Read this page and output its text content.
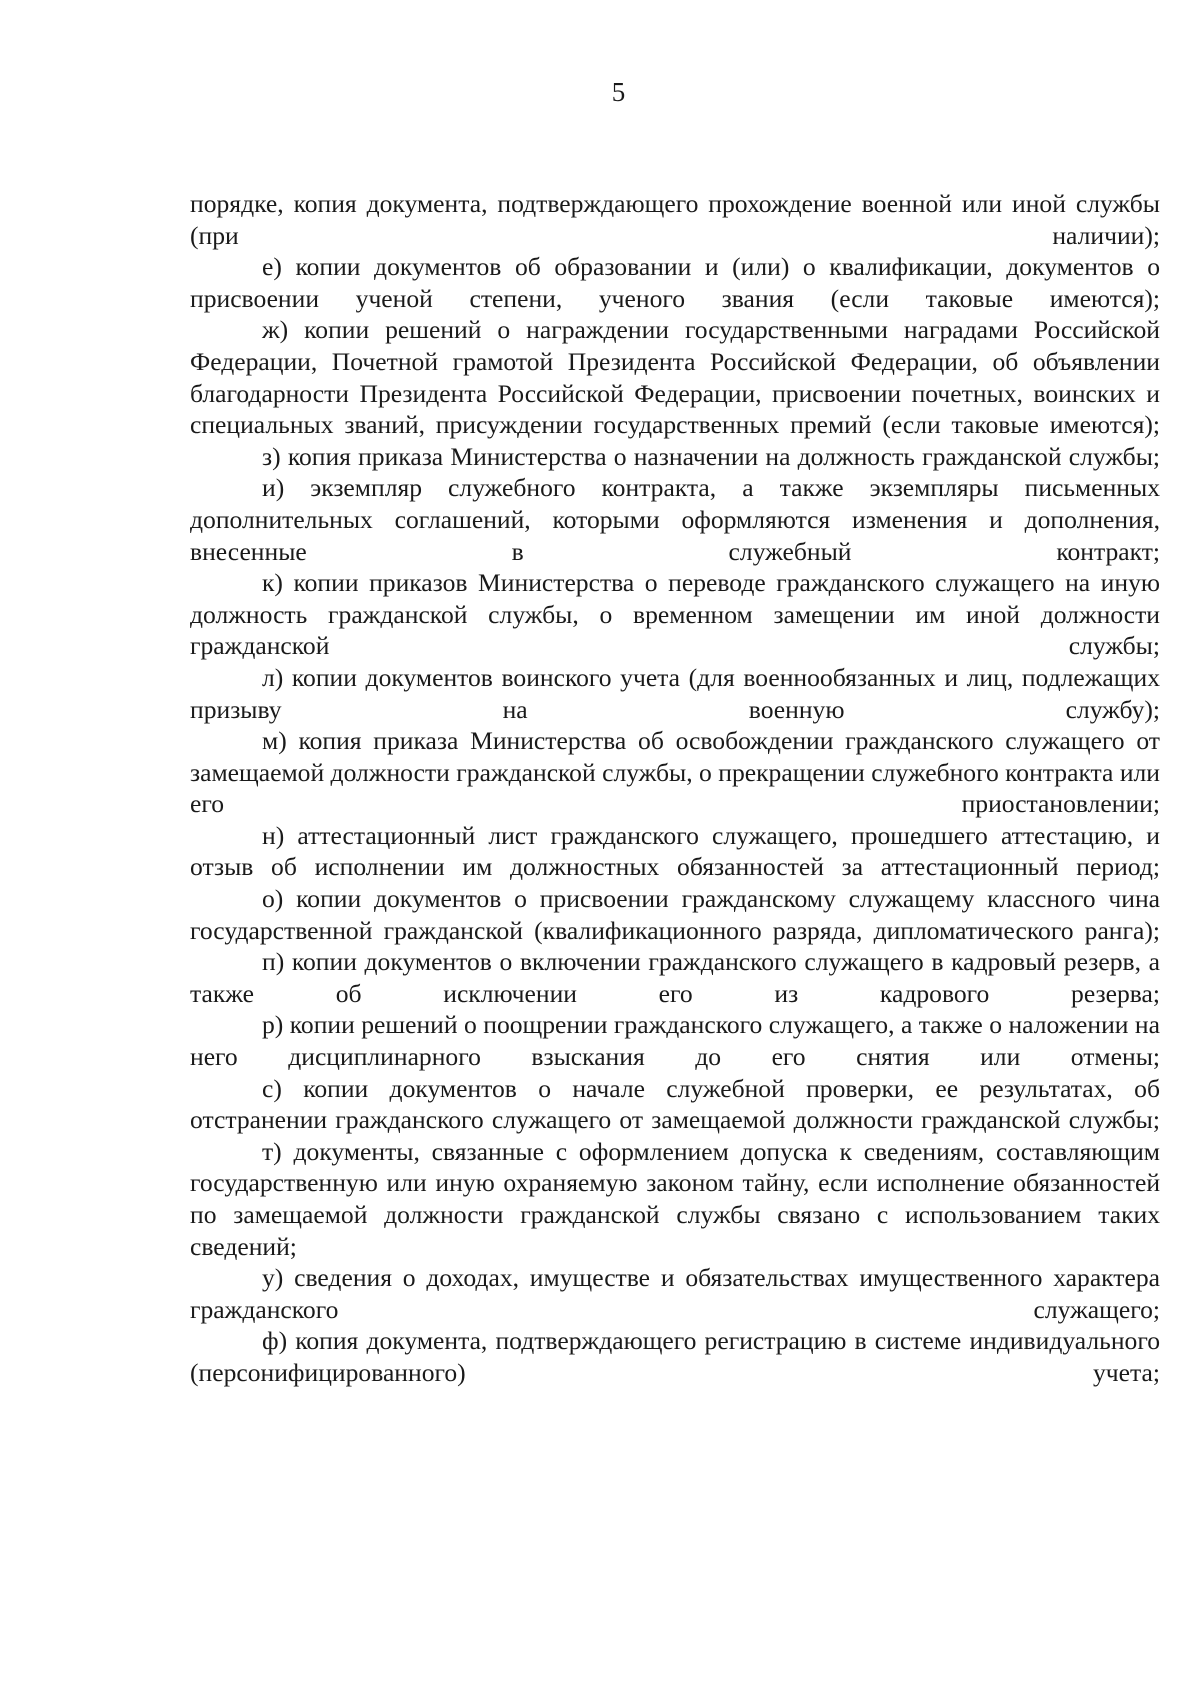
5

порядке, копия документа, подтверждающего прохождение военной или иной службы (при наличии);

е) копии документов об образовании и (или) о квалификации, документов о присвоении ученой степени, ученого звания (если таковые имеются);

ж) копии решений о награждении государственными наградами Российской Федерации, Почетной грамотой Президента Российской Федерации, об объявлении благодарности Президента Российской Федерации, присвоении почетных, воинских и специальных званий, присуждении государственных премий (если таковые имеются);

з) копия приказа Министерства о назначении на должность гражданской службы;

и) экземпляр служебного контракта, а также экземпляры письменных дополнительных соглашений, которыми оформляются изменения и дополнения, внесенные в служебный контракт;

к) копии приказов Министерства о переводе гражданского служащего на иную должность гражданской службы, о временном замещении им иной должности гражданской службы;

л) копии документов воинского учета (для военнообязанных и лиц, подлежащих призыву на военную службу);

м) копия приказа Министерства об освобождении гражданского служащего от замещаемой должности гражданской службы, о прекращении служебного контракта или его приостановлении;

н) аттестационный лист гражданского служащего, прошедшего аттестацию, и отзыв об исполнении им должностных обязанностей за аттестационный период;

о) копии документов о присвоении гражданскому служащему классного чина государственной гражданской (квалификационного разряда, дипломатического ранга);

п) копии документов о включении гражданского служащего в кадровый резерв, а также об исключении его из кадрового резерва;

р) копии решений о поощрении гражданского служащего, а также о наложении на него дисциплинарного взыскания до его снятия или отмены;

с) копии документов о начале служебной проверки, ее результатах, об отстранении гражданского служащего от замещаемой должности гражданской службы;

т) документы, связанные с оформлением допуска к сведениям, составляющим государственную или иную охраняемую законом тайну, если исполнение обязанностей по замещаемой должности гражданской службы связано с использованием таких сведений;

у) сведения о доходах, имуществе и обязательствах имущественного характера гражданского служащего;

ф) копия документа, подтверждающего регистрацию в системе индивидуального (персонифицированного) учета;
